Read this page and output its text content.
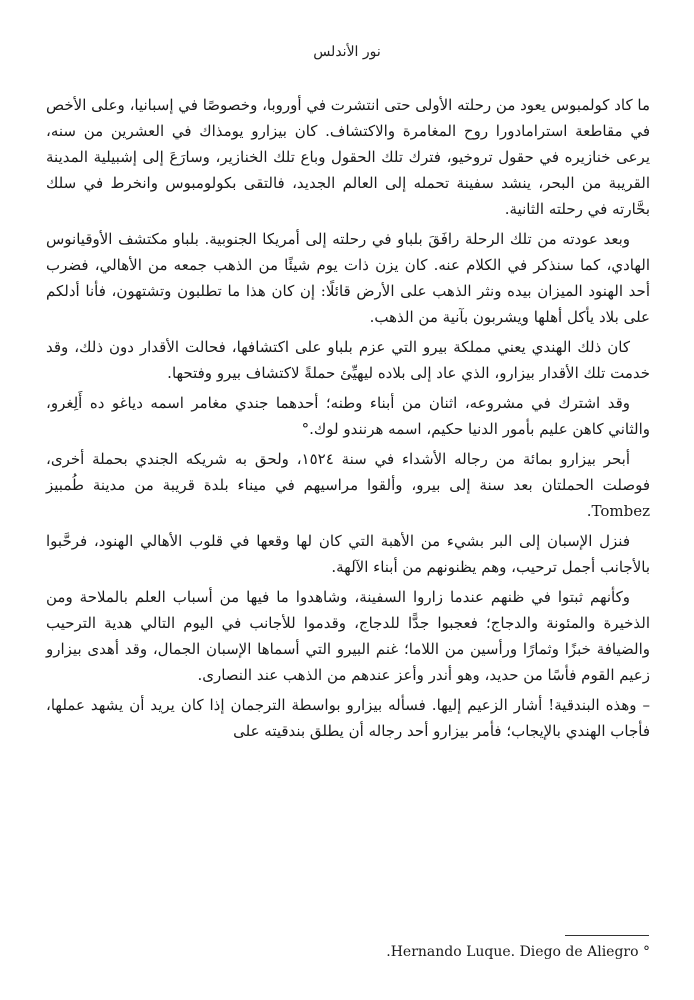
نور الأندلس

ما كاد كولمبوس يعود من رحلته الأولى حتى انتشرت في أوروبا، وخصوصًا في إسبانيا، وعلى الأخص في مقاطعة استرامادورا روح المغامرة والاكتشاف. كان بيزارو يومذاك في العشرين من سنه، يرعى خنازيره في حقول تروخيو، فترك تلك الحقول وباع تلك الخنازير، وسارَعَ إلى إشبيلية المدينة القريبة من البحر، ينشد سفينة تحمله إلى العالم الجديد، فالتقى بكولومبوس وانخرط في سلك بحَّارته في رحلته الثانية.

وبعد عودته من تلك الرحلة رافَقَ بلباو في رحلته إلى أمريكا الجنوبية. بلباو مكتشف الأوقيانوس الهادي، كما سنذكر في الكلام عنه. كان يزن ذات يوم شيئًا من الذهب جمعه من الأهالي، فضرب أحد الهنود الميزان بيده ونثر الذهب على الأرض قائلًا: إن كان هذا ما تطلبون وتشتهون، فأنا أدلكم على بلاد يأكل أهلها ويشربون بآنية من الذهب.

كان ذلك الهندي يعني مملكة بيرو التي عزم بلباو على اكتشافها، فحالت الأقدار دون ذلك، وقد خدمت تلك الأقدار بيزارو، الذي عاد إلى بلاده ليهيِّئ حملةً لاكتشاف بيرو وفتحها.

وقد اشترك في مشروعه، اثنان من أبناء وطنه؛ أحدهما جندي مغامر اسمه دياغو ده أَلِغرو، والثاني كاهن عليم بأمور الدنيا حكيم، اسمه هرنندو لوك.°

أبحر بيزارو بمائة من رجاله الأشداء في سنة ١٥٢٤، ولحق به شريكه الجندي بحملة أخرى، فوصلت الحملتان بعد سنة إلى بيرو، وألقوا مراسيهم في ميناء بلدة قريبة من مدينة طُمبيز Tombez.

فنزل الإسبان إلى البر بشيء من الأهبة التي كان لها وقعها في قلوب الأهالي الهنود، فرحَّبوا بالأجانب أجمل ترحيب، وهم يظنونهم من أبناء الآلهة.

وكأنهم ثبتوا في ظنهم عندما زاروا السفينة، وشاهدوا ما فيها من أسباب العلم بالملاحة ومن الذخيرة والمئونة والدجاج؛ فعجبوا جدًّا للدجاج، وقدموا للأجانب في اليوم التالي هدية الترحيب والضيافة خبزًا وثمارًا ورأسين من اللاما؛ غنم البيرو التي أسماها الإسبان الجمال، وقد أهدى بيزارو زعيم القوم فأسًا من حديد، وهو أندر وأعز عندهم من الذهب عند النصارى.

– وهذه البندقية! أشار الزعيم إليها. فسأله بيزارو بواسطة الترجمان إذا كان يريد أن يشهد عملها، فأجاب الهندي بالإيجاب؛ فأمر بيزارو أحد رجاله أن يطلق بندقيته على

.Hernando Luque. Diego de Aliegro °
